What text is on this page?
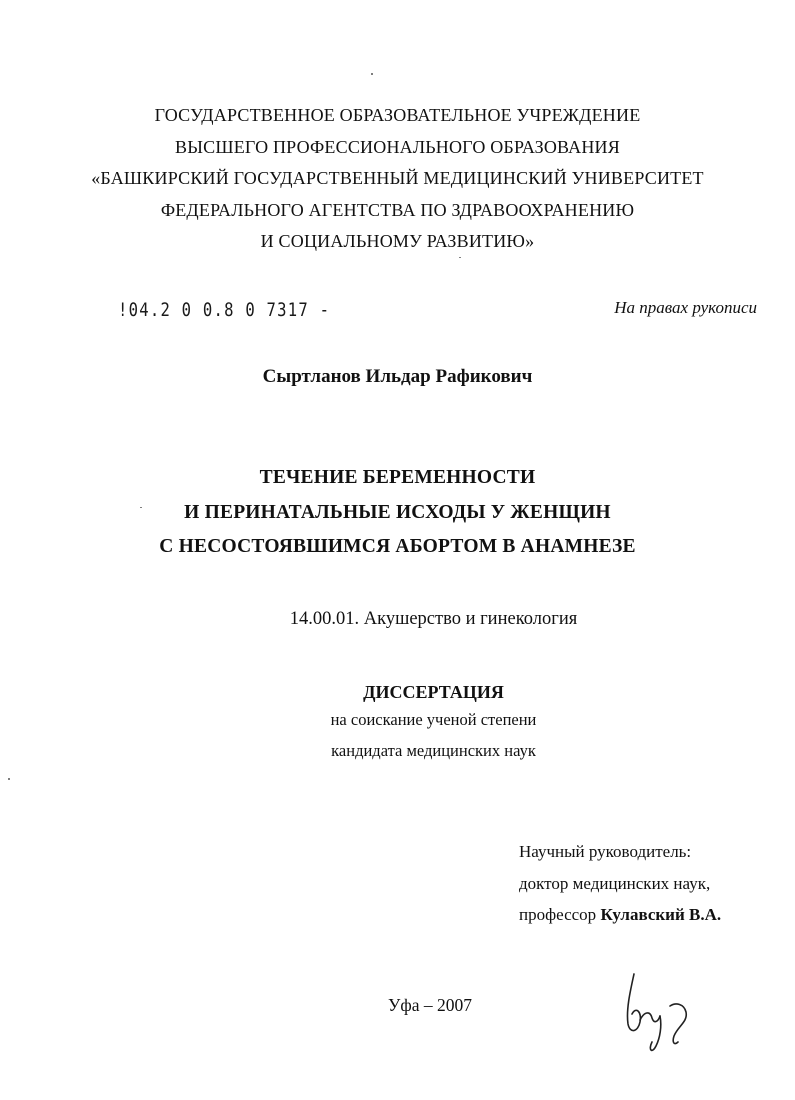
ГОСУДАРСТВЕННОЕ ОБРАЗОВАТЕЛЬНОЕ УЧРЕЖДЕНИЕ
ВЫСШЕГО ПРОФЕССИОНАЛЬНОГО ОБРАЗОВАНИЯ
«БАШКИРСКИЙ ГОСУДАРСТВЕННЫЙ МЕДИЦИНСКИЙ УНИВЕРСИТЕТ
ФЕДЕРАЛЬНОГО АГЕНТСТВА ПО ЗДРАВООХРАНЕНИЮ
И СОЦИАЛЬНОМУ РАЗВИТИЮ»
!04.2 0 0.8 0 7317 -	На правах рукописи
Сыртланов Ильдар Рафикович
ТЕЧЕНИЕ БЕРЕМЕННОСТИ
И ПЕРИНАТАЛЬНЫЕ ИСХОДЫ У ЖЕНЩИН
С НЕСОСТОЯВШИМСЯ АБОРТОМ В АНАМНЕЗЕ
14.00.01. Акушерство и гинекология
ДИССЕРТАЦИЯ
на соискание ученой степени
кандидата медицинских наук
Научный руководитель:
доктор медицинских наук,
профессор Кулавский В.А.
Уфа – 2007
